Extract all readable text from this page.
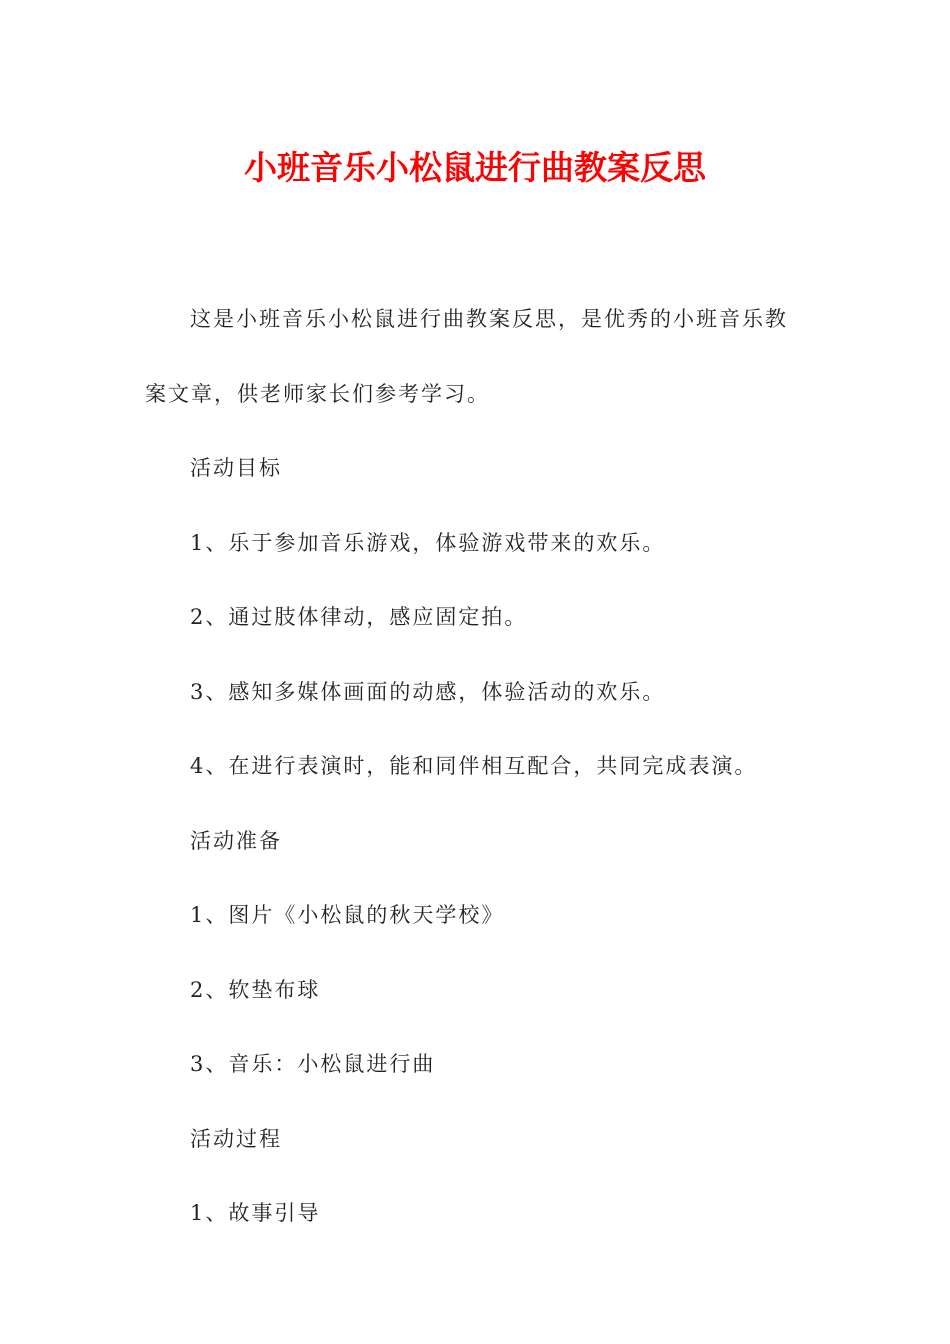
小班音乐小松鼠进行曲教案反思

这是小班音乐小松鼠进行曲教案反思，是优秀的小班音乐教案文章，供老师家长们参考学习。

活动目标

1、乐于参加音乐游戏，体验游戏带来的欢乐。

2、通过肢体律动，感应固定拍。

3、感知多媒体画面的动感，体验活动的欢乐。

4、在进行表演时，能和同伴相互配合，共同完成表演。

活动准备

1、图片《小松鼠的秋天学校》

2、软垫布球

3、音乐：小松鼠进行曲

活动过程

1、故事引导
